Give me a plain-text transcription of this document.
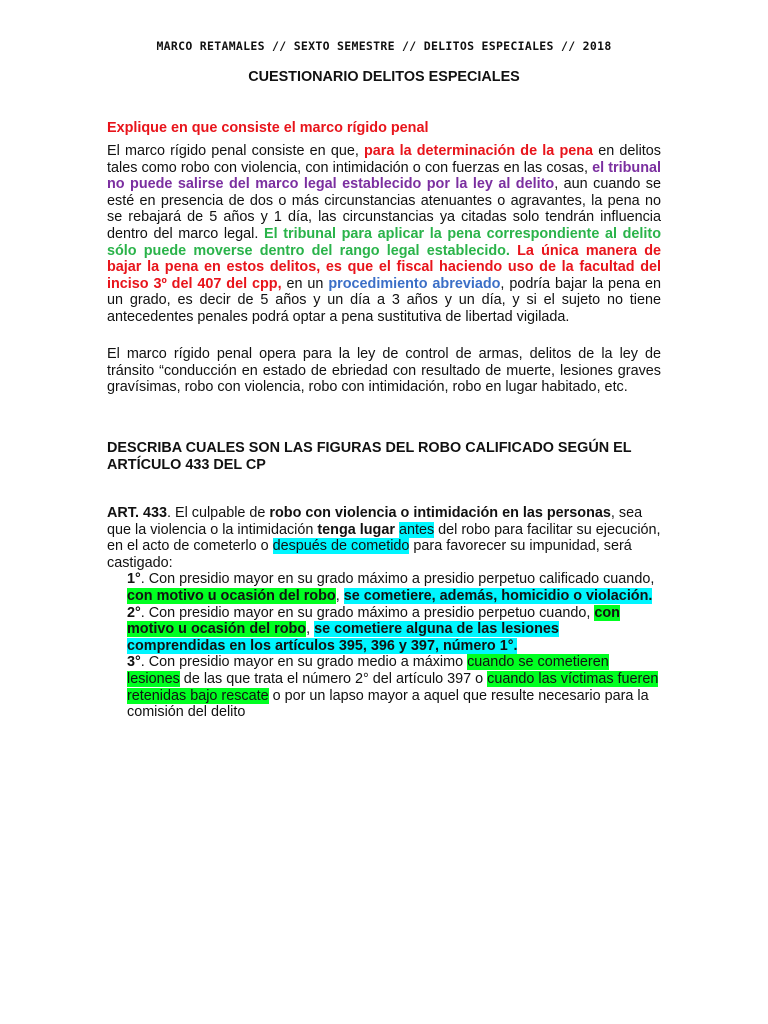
MARCO RETAMALES // SEXTO SEMESTRE // DELITOS ESPECIALES // 2018
CUESTIONARIO DELITOS ESPECIALES
Explique en que consiste el marco rígido penal

El marco rígido penal consiste en que, para la determinación de la pena en delitos tales como robo con violencia, con intimidación o con fuerzas en las cosas, el tribunal no puede salirse del marco legal establecido por la ley al delito, aun cuando se esté en presencia de dos o más circunstancias atenuantes o agravantes, la pena no se rebajará de 5 años y 1 día, las circunstancias ya citadas solo tendrán influencia dentro del marco legal. El tribunal para aplicar la pena correspondiente al delito sólo puede moverse dentro del rango legal establecido. La única manera de bajar la pena en estos delitos, es que el fiscal haciendo uso de la facultad del inciso 3º del 407 del cpp, en un procedimiento abreviado, podría bajar la pena en un grado, es decir de 5 años y un día a 3 años y un día, y si el sujeto no tiene antecedentes penales podrá optar a pena sustitutiva de libertad vigilada.

El marco rígido penal opera para la ley de control de armas, delitos de la ley de tránsito “conducción en estado de ebriedad con resultado de muerte, lesiones graves gravísimas, robo con violencia, robo con intimidación, robo en lugar habitado, etc.

DESCRIBA CUALES SON LAS FIGURAS DEL ROBO CALIFICADO SEGÚN EL ARTÍCULO 433 DEL CP

ART. 433. El culpable de robo con violencia o intimidación en las personas, sea que la violencia o la intimidación tenga lugar antes del robo para facilitar su ejecución, en el acto de cometerlo o después de cometido para favorecer su impunidad, será castigado:

1°. Con presidio mayor en su grado máximo a presidio perpetuo calificado cuando, con motivo u ocasión del robo, se cometiere, además, homicidio o violación.

2°. Con presidio mayor en su grado máximo a presidio perpetuo cuando, con motivo u ocasión del robo, se cometiere alguna de las lesiones comprendidas en los artículos 395, 396 y 397, número 1°.

3°. Con presidio mayor en su grado medio a máximo cuando se cometieren lesiones de las que trata el número 2° del artículo 397 o cuando las víctimas fueren retenidas bajo rescate o por un lapso mayor a aquel que resulte necesario para la comisión del delito
